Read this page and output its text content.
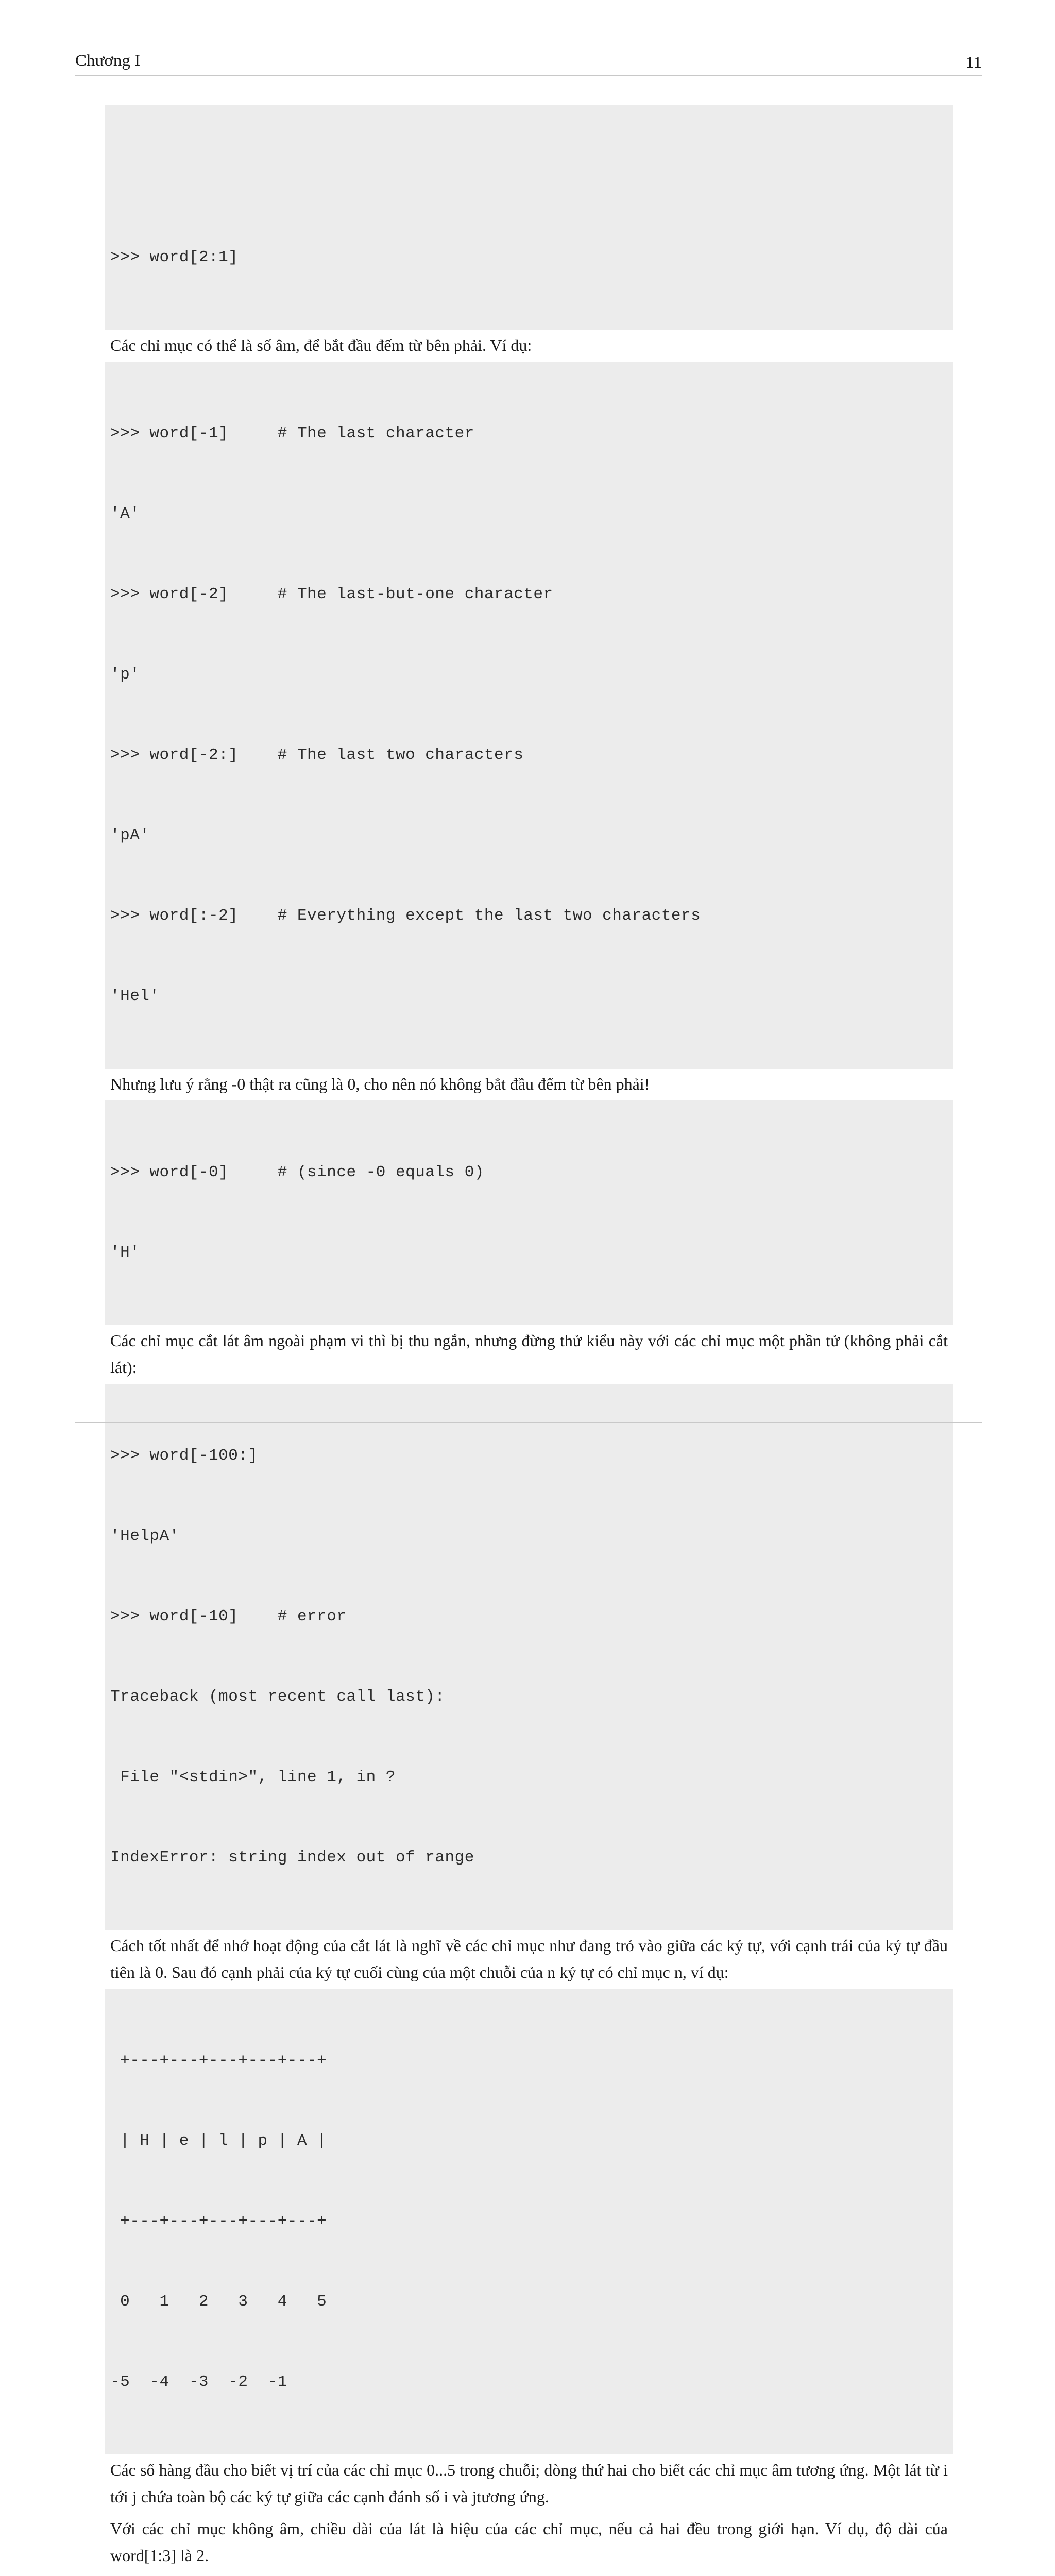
Chương I	11

>>> word[2:1]

Các chỉ mục có thể là số âm, để bắt đầu đếm từ bên phải. Ví dụ:

>>> word[-1]     # The last character

'A'

>>> word[-2]     # The last-but-one character

'p'

>>> word[-2:]    # The last two characters

'pA'

>>> word[:-2]    # Everything except the last two characters

'Hel'

Nhưng lưu ý rằng -0 thật ra cũng là 0, cho nên nó không bắt đầu đếm từ bên phải!

>>> word[-0]     # (since -0 equals 0)

'H'

Các chỉ mục cắt lát âm ngoài phạm vi thì bị thu ngắn, nhưng đừng thử kiểu này với các chỉ mục một phần tử (không phải cắt lát):

>>> word[-100:]

'HelpA'

>>> word[-10]    # error

Traceback (most recent call last):

File "<stdin>", line 1, in ?

IndexError: string index out of range

Cách tốt nhất để nhớ hoạt động của cắt lát là nghĩ về các chỉ mục như đang trỏ vào giữa các ký tự, với cạnh trái của ký tự đầu tiên là 0. Sau đó cạnh phải của ký tự cuối cùng của một chuỗi của n ký tự có chỉ mục n, ví dụ:

+---+---+---+---+---+

| H | e | l | p | A |

+---+---+---+---+---+

0   1   2   3   4   5

-5  -4  -3  -2  -1

Các số hàng đầu cho biết vị trí của các chỉ mục 0...5 trong chuỗi; dòng thứ hai cho biết các chỉ mục âm tương ứng. Một lát từ i tới j chứa toàn bộ các ký tự giữa các cạnh đánh số i và jtương ứng.

Với các chỉ mục không âm, chiều dài của lát là hiệu của các chỉ mục, nếu cả hai đều trong giới hạn. Ví dụ, độ dài của word[1:3] là 2.
